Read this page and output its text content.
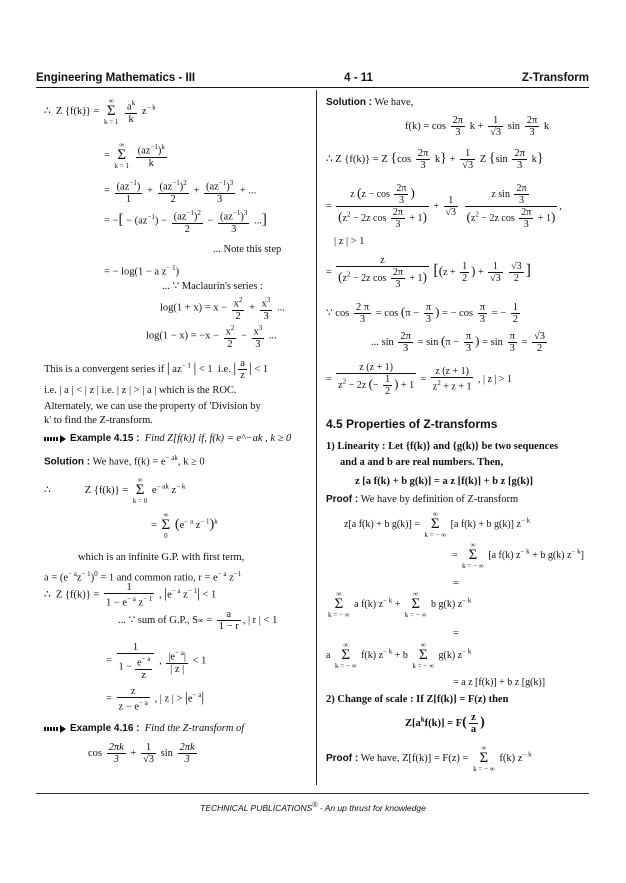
Engineering Mathematics - III	4 - 11	Z-Transform
∴  Z {f(k)} =
∞
Σ
k = 1
$\frac{a^k}{k} z^{- k}$
=
∞
Σ
k = 1
$\frac{(az^{-1})^k}{k}$
= $\frac{(az^{-1})}{1} + \frac{(az^{-1})^2}{2} + \frac{(az^{-1})^3}{3}$ + ...
= −[ − $(az^{-1}) - \frac{(az^{-1})^2}{2} - \frac{(az^{-1})^3}{3}$ ...]
... Note this step
= − log(1 − a $z^{- 1}$)
... ∵ Maclaurin's series :
$\log(1 + x) = x - \frac{x^2}{2} + \frac{x^3}{3}$ ...
$\log(1 - x) = -x - \frac{x^2}{2} - \frac{x^3}{3}$ ...
This is a convergent series if | $az^{- 1}$ | < 1  i.e. | $\frac{a}{z}$ | < 1
i.e. | a | < | z | i.e. | z | > | a | which is the ROC.
Alternately, we can use the property of 'Division by
k' to find the Z-transform.
Example 4.15 : Find Z[f(k)] if, f(k) = e^−ak , k ≥ 0
Solution : We have, $f(k) = e^{- ak}$, k ≥ 0
∴             Z {f(k)} =
∞
Σ
k = 0
$e^{- ak}$ $z^{- k}$
=
∞
Σ
0
($e^{- a}$ $z^{- 1})^k$
which is an infinite G.P. with first term,
$a = (e^{- a}z^{- 1})^0 = 1$ and common ratio, $r = e^{- a}$ $z^{-1}$
∴  Z $\{f(k)\} = \frac{1}{1 - e^{- a} z^{- 1}}$ , $|e^{- a}$ $z^{- 1}| < 1$
... ∵ sum of G.P., $S\infty = \frac{a}{1 - r}$ , | r | < 1
= $\frac{1}{1 - \frac{e^{- a}}{z}}$ , $\frac{|e^{- a}|}{| z |} < 1$
= $\frac{z}{z - e^{- a}}$ , | z | > $|e^{- a}|$
Example 4.16 : Find the Z-transform of
$\cos \frac{2\pi k}{3} + \frac{1}{√3}$ $\sin \frac{2\pi k}{3}$
Solution : We have,
$f(k) = \cos \frac{2\pi}{3}$ $k + \frac{1}{√3}$ $\sin \frac{2\pi}{3}$ k
∴ Z {f(k)} = Z $\{\cos \frac{2\pi}{3} k\} + \frac{1}{√3}$ Z $\{\sin \frac{2\pi}{3} k\}$
= $\frac{z (z - \cos \frac{2\pi}{3} )}{(z^2 - 2z \cos \frac{2\pi}{3} + 1)} + \frac{1}{√3}$
$\frac{z \sin \frac{2\pi}{3}}{(z^2 - 2z \cos \frac{2\pi}{3} + 1)}$ ,
| z | > 1
= $\frac{z}{(z^2 - 2z \cos \frac{2\pi}{3} + 1)} [(z + \frac{1}{2}$ ) + $\frac{1}{√3}$
$\frac{√3}{2}$ ]
∵ $\cos \frac{2 \pi}{3} = \cos (\pi - \frac{\pi}{3}$ ) = − $\cos \frac{\pi}{3}$ = − $\frac{1}{2}$
... $\sin \frac{2\pi}{3} = \sin (\pi - \frac{\pi}{3}$ ) = $\sin \frac{\pi}{3} = \frac{√3}{2}$
= $\frac{z (z + 1)}{z^2 - 2z (- \frac{1}{2} ) + 1} = \frac{z (z + 1)}{z^2 + z + 1}$ , | z | > 1
4.5 Properties of Z-transforms
1) Linearity : Let {f(k)} and {g(k)} be two sequences
and a and b are real numbers. Then,
z [a f(k) + b g(k)] = a z [f(k)] + b z [g(k)]
Proof : We have by definition of Z-transform
z[a f(k) + b g(k)] =
∞
Σ
k = − ∞
[a f(k) + b g(k)] $z^{- k}$
=
∞
Σ
k = − ∞
[a f(k) $z^{- k} + b$ g(k) $z^{- k}$]
=
∞
Σ
k = − ∞
a f(k) $z^{- k}$ +
∞
Σ
k = − ∞
b g(k) $z^{- k}$
=
a
∞
Σ
k = − ∞
f(k) $z^{- k} + b$
∞
Σ
k = − ∞
g(k) $z^{- k}$
= a z [f(k)] + b z [g(k)]
2) Change of scale : If Z[f(k)] = F(z) then
$Z[a^kf(k)] = F( \frac{z}{a}$ )
Proof : We have, Z[f(k)] = F(z) =
∞
Σ
k = − ∞
f(k) $z^{- k}$
TECHNICAL PUBLICATIONS® - An up thrust for knowledge
